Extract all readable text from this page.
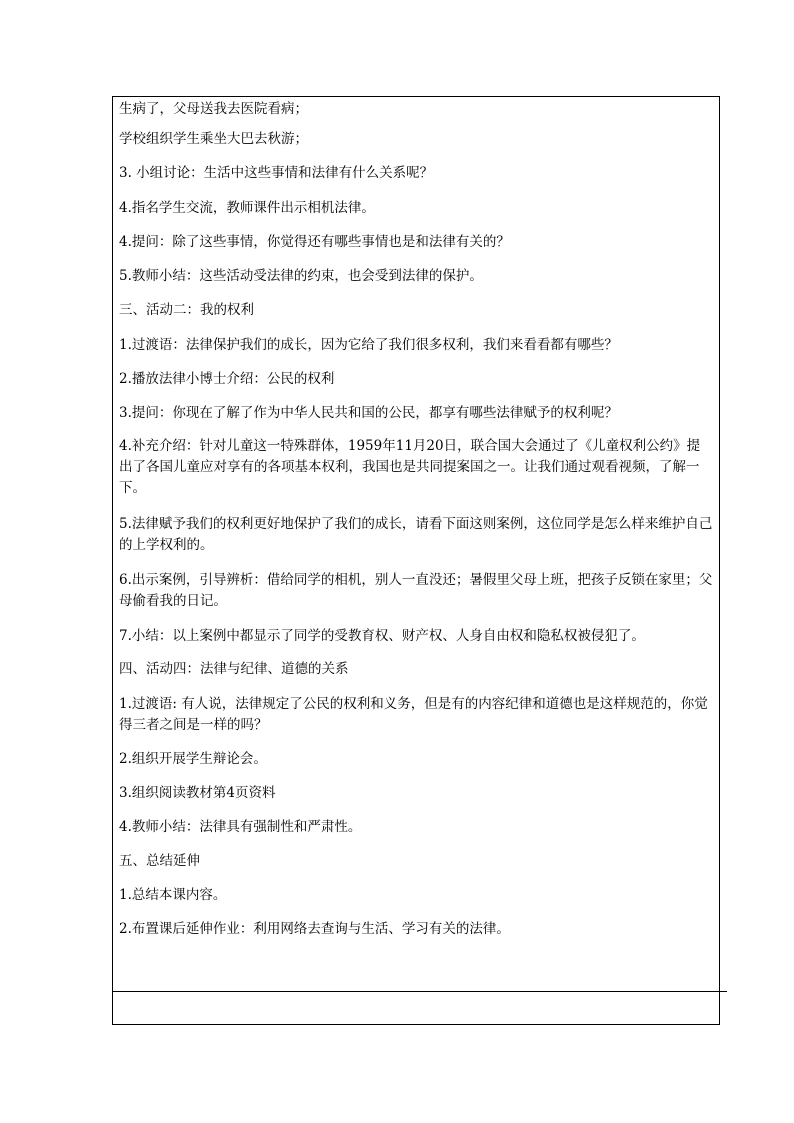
生病了，父母送我去医院看病；

学校组织学生乘坐大巴去秋游；

3. 小组讨论：生活中这些事情和法律有什么关系呢？

4.指名学生交流，教师课件出示相机法律。

4.提问：除了这些事情，你觉得还有哪些事情也是和法律有关的？

5.教师小结：这些活动受法律的约束，也会受到法律的保护。

三、活动二：我的权利

1.过渡语：法律保护我们的成长，因为它给了我们很多权利，我们来看看都有哪些？

2.播放法律小博士介绍：公民的权利

3.提问：你现在了解了作为中华人民共和国的公民，都享有哪些法律赋予的权利呢？

4.补充介绍：针对儿童这一特殊群体，1959年11月20日，联合国大会通过了《儿童权利公约》提出了各国儿童应对享有的各项基本权利，我国也是共同提案国之一。让我们通过观看视频，了解一下。

5.法律赋予我们的权利更好地保护了我们的成长，请看下面这则案例，这位同学是怎么样来维护自己的上学权利的。

6.出示案例，引导辨析：借给同学的相机，别人一直没还；暑假里父母上班，把孩子反锁在家里；父母偷看我的日记。

7.小结：以上案例中都显示了同学的受教育权、财产权、人身自由权和隐私权被侵犯了。

四、活动四：法律与纪律、道德的关系

1.过渡语: 有人说，法律规定了公民的权利和义务，但是有的内容纪律和道德也是这样规范的，你觉得三者之间是一样的吗？

2.组织开展学生辩论会。

3.组织阅读教材第4页资料

4.教师小结：法律具有强制性和严肃性。

五、总结延伸

1.总结本课内容。

2.布置课后延伸作业：利用网络去查询与生活、学习有关的法律。
